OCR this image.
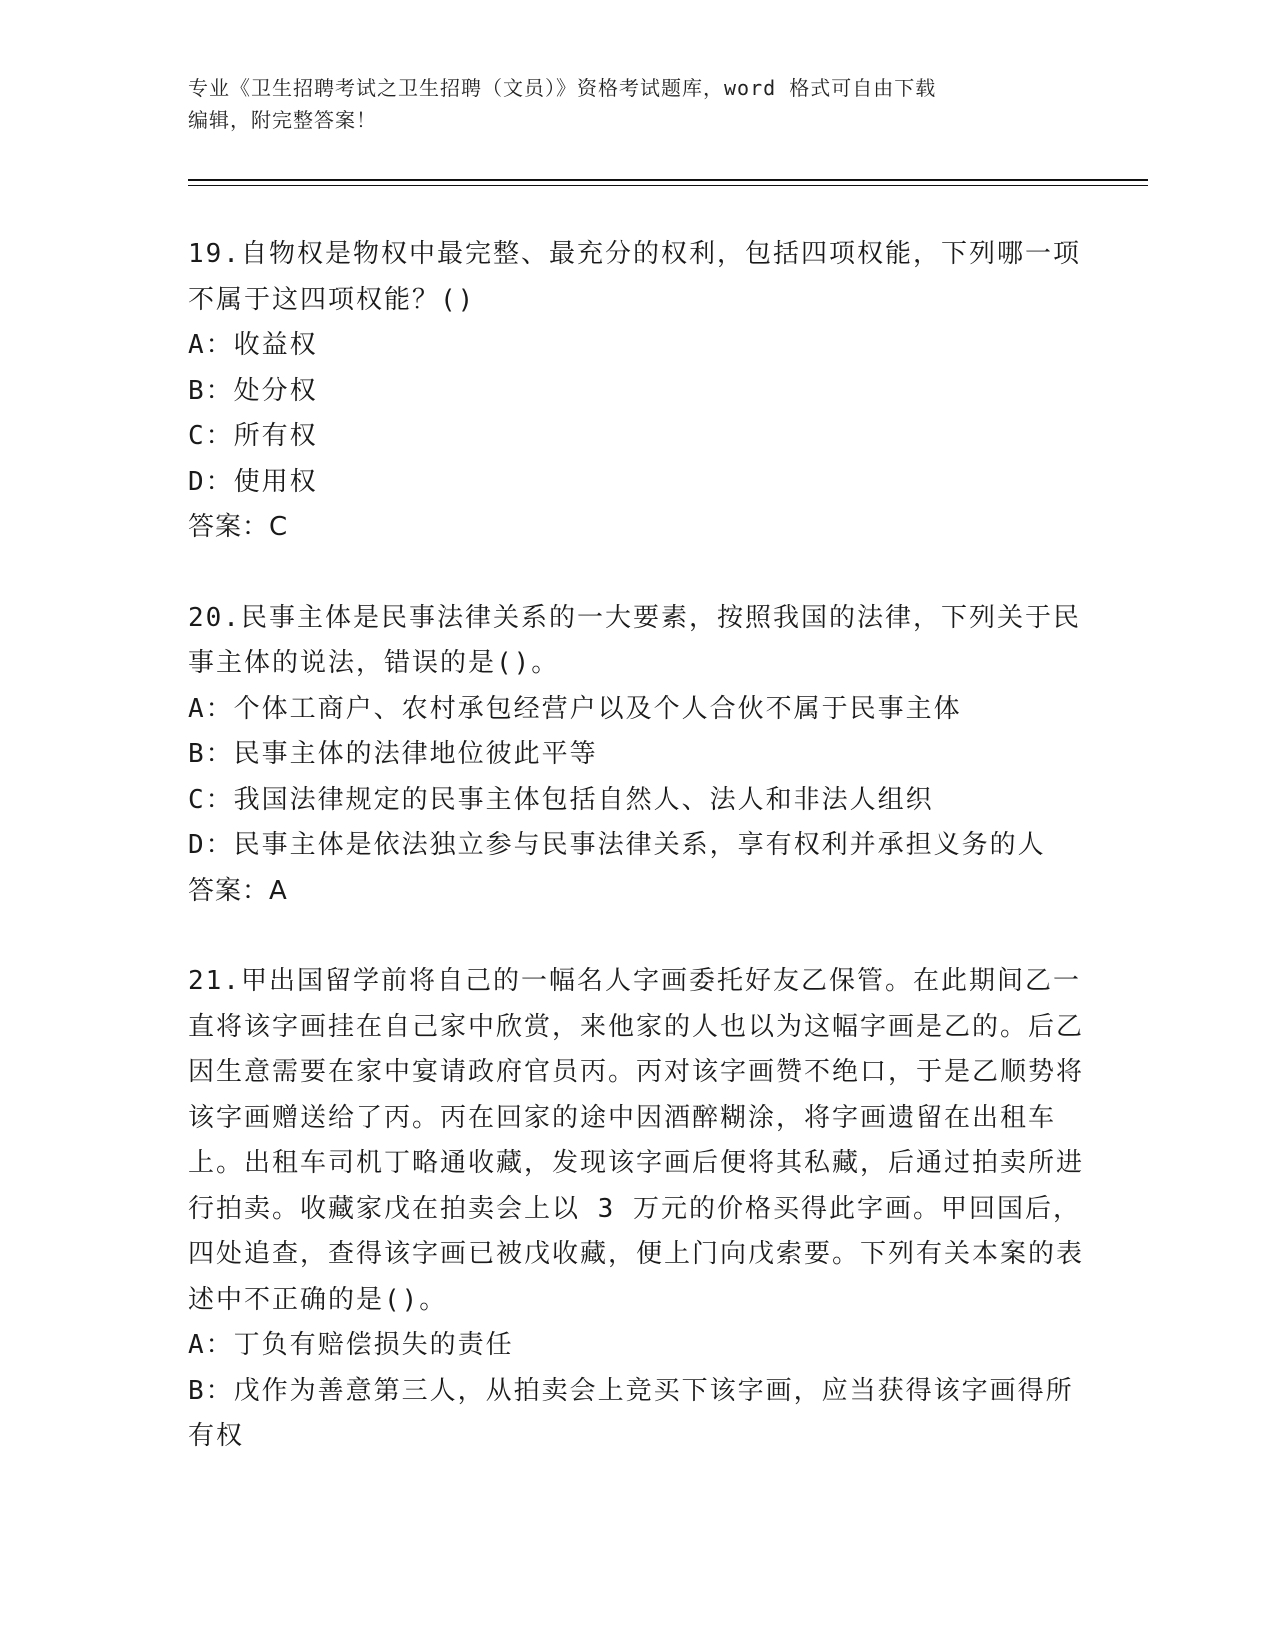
专业《卫生招聘考试之卫生招聘（文员）》资格考试题库，word 格式可自由下载
编辑，附完整答案！

19.自物权是物权中最完整、最充分的权利，包括四项权能，下列哪一项不属于这四项权能？()

A：收益权

B：处分权

C：所有权

D：使用权

答案：C

20.民事主体是民事法律关系的一大要素，按照我国的法律，下列关于民事主体的说法，错误的是()。

A：个体工商户、农村承包经营户以及个人合伙不属于民事主体

B：民事主体的法律地位彼此平等

C：我国法律规定的民事主体包括自然人、法人和非法人组织

D：民事主体是依法独立参与民事法律关系，享有权利并承担义务的人

答案：A

21.甲出国留学前将自己的一幅名人字画委托好友乙保管。在此期间乙一直将该字画挂在自己家中欣赏，来他家的人也以为这幅字画是乙的。后乙因生意需要在家中宴请政府官员丙。丙对该字画赞不绝口，于是乙顺势将该字画赠送给了丙。丙在回家的途中因酒醉糊涂，将字画遗留在出租车上。出租车司机丁略通收藏，发现该字画后便将其私藏，后通过拍卖所进行拍卖。收藏家戊在拍卖会上以 3 万元的价格买得此字画。甲回国后，四处追查，查得该字画已被戊收藏，便上门向戊索要。下列有关本案的表述中不正确的是()。

A：丁负有赔偿损失的责任

B：戊作为善意第三人，从拍卖会上竞买下该字画，应当获得该字画得所有权
